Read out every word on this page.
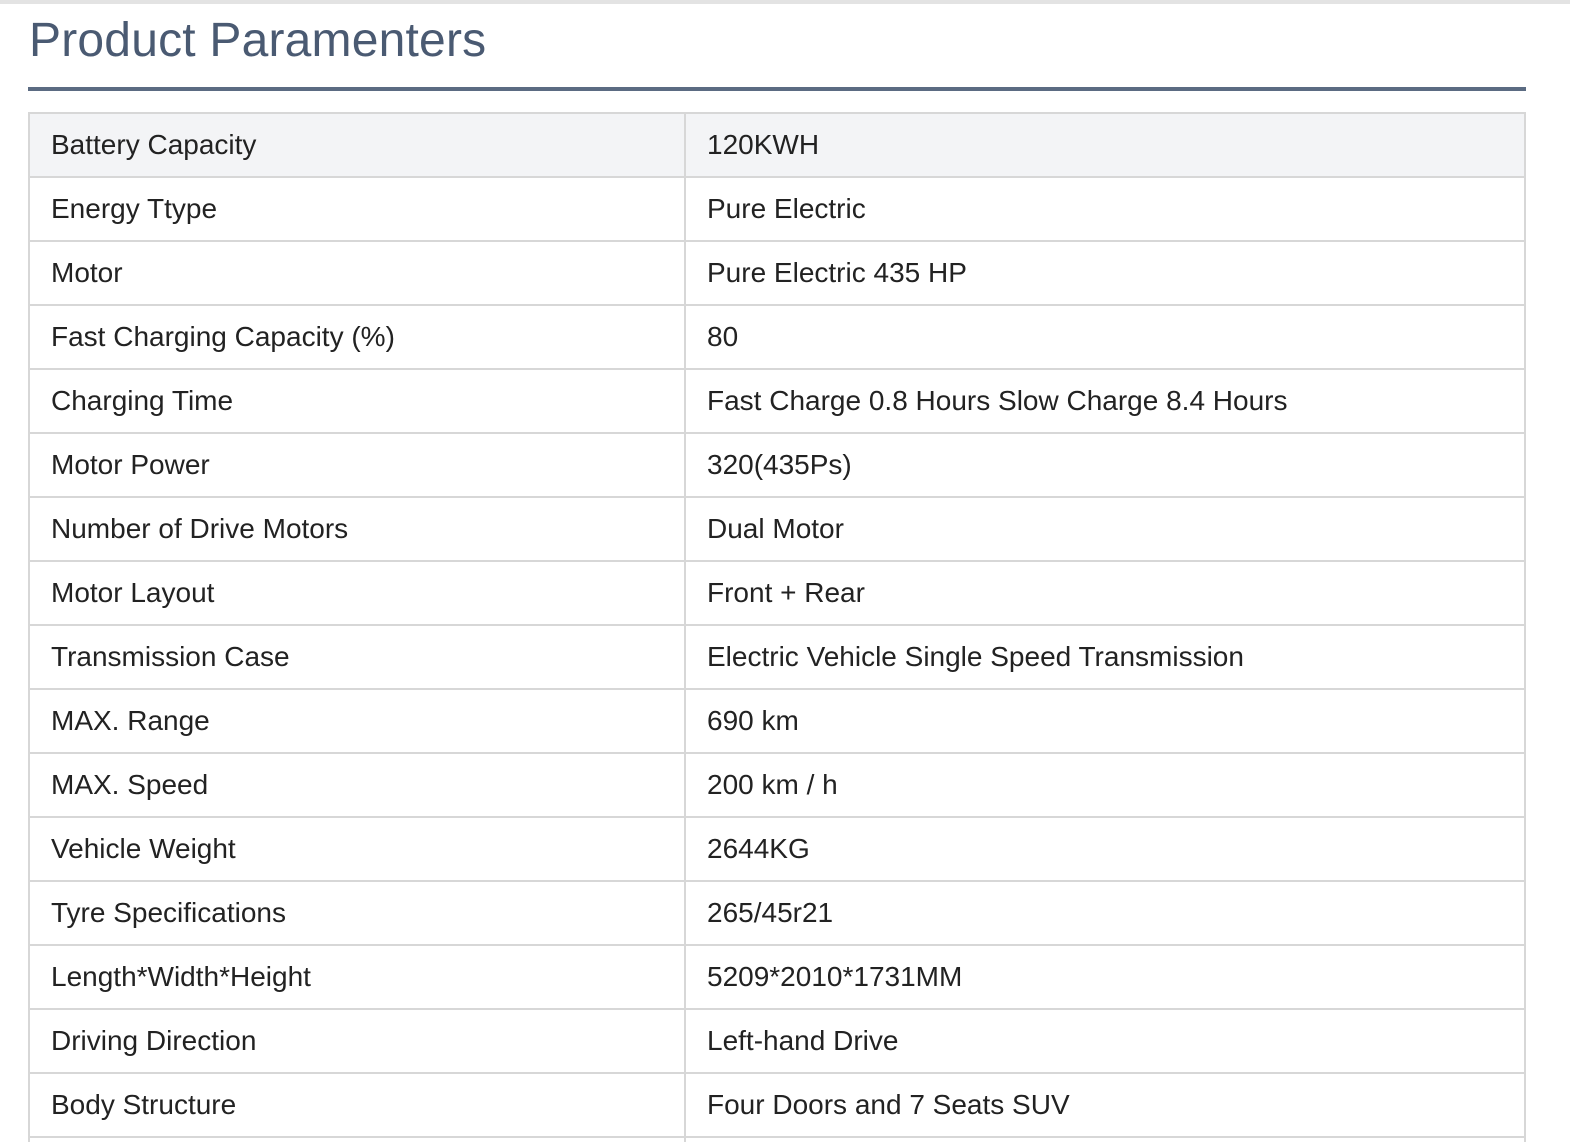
Product Paramenters
Battery Capacity	120KWH
Energy Ttype	Pure Electric
Motor	Pure Electric 435 HP
Fast Charging Capacity (%)	80
Charging Time	Fast Charge 0.8 Hours Slow Charge 8.4 Hours
Motor Power	320(435Ps)
Number of Drive Motors	Dual Motor
Motor Layout	Front + Rear
Transmission Case	Electric Vehicle Single Speed Transmission
MAX. Range	690 km
MAX. Speed	200 km / h
Vehicle Weight	2644KG
Tyre Specifications	265/45r21
Length*Width*Height	5209*2010*1731MM
Driving Direction	Left-hand Drive
Body Structure	Four Doors and 7 Seats SUV
